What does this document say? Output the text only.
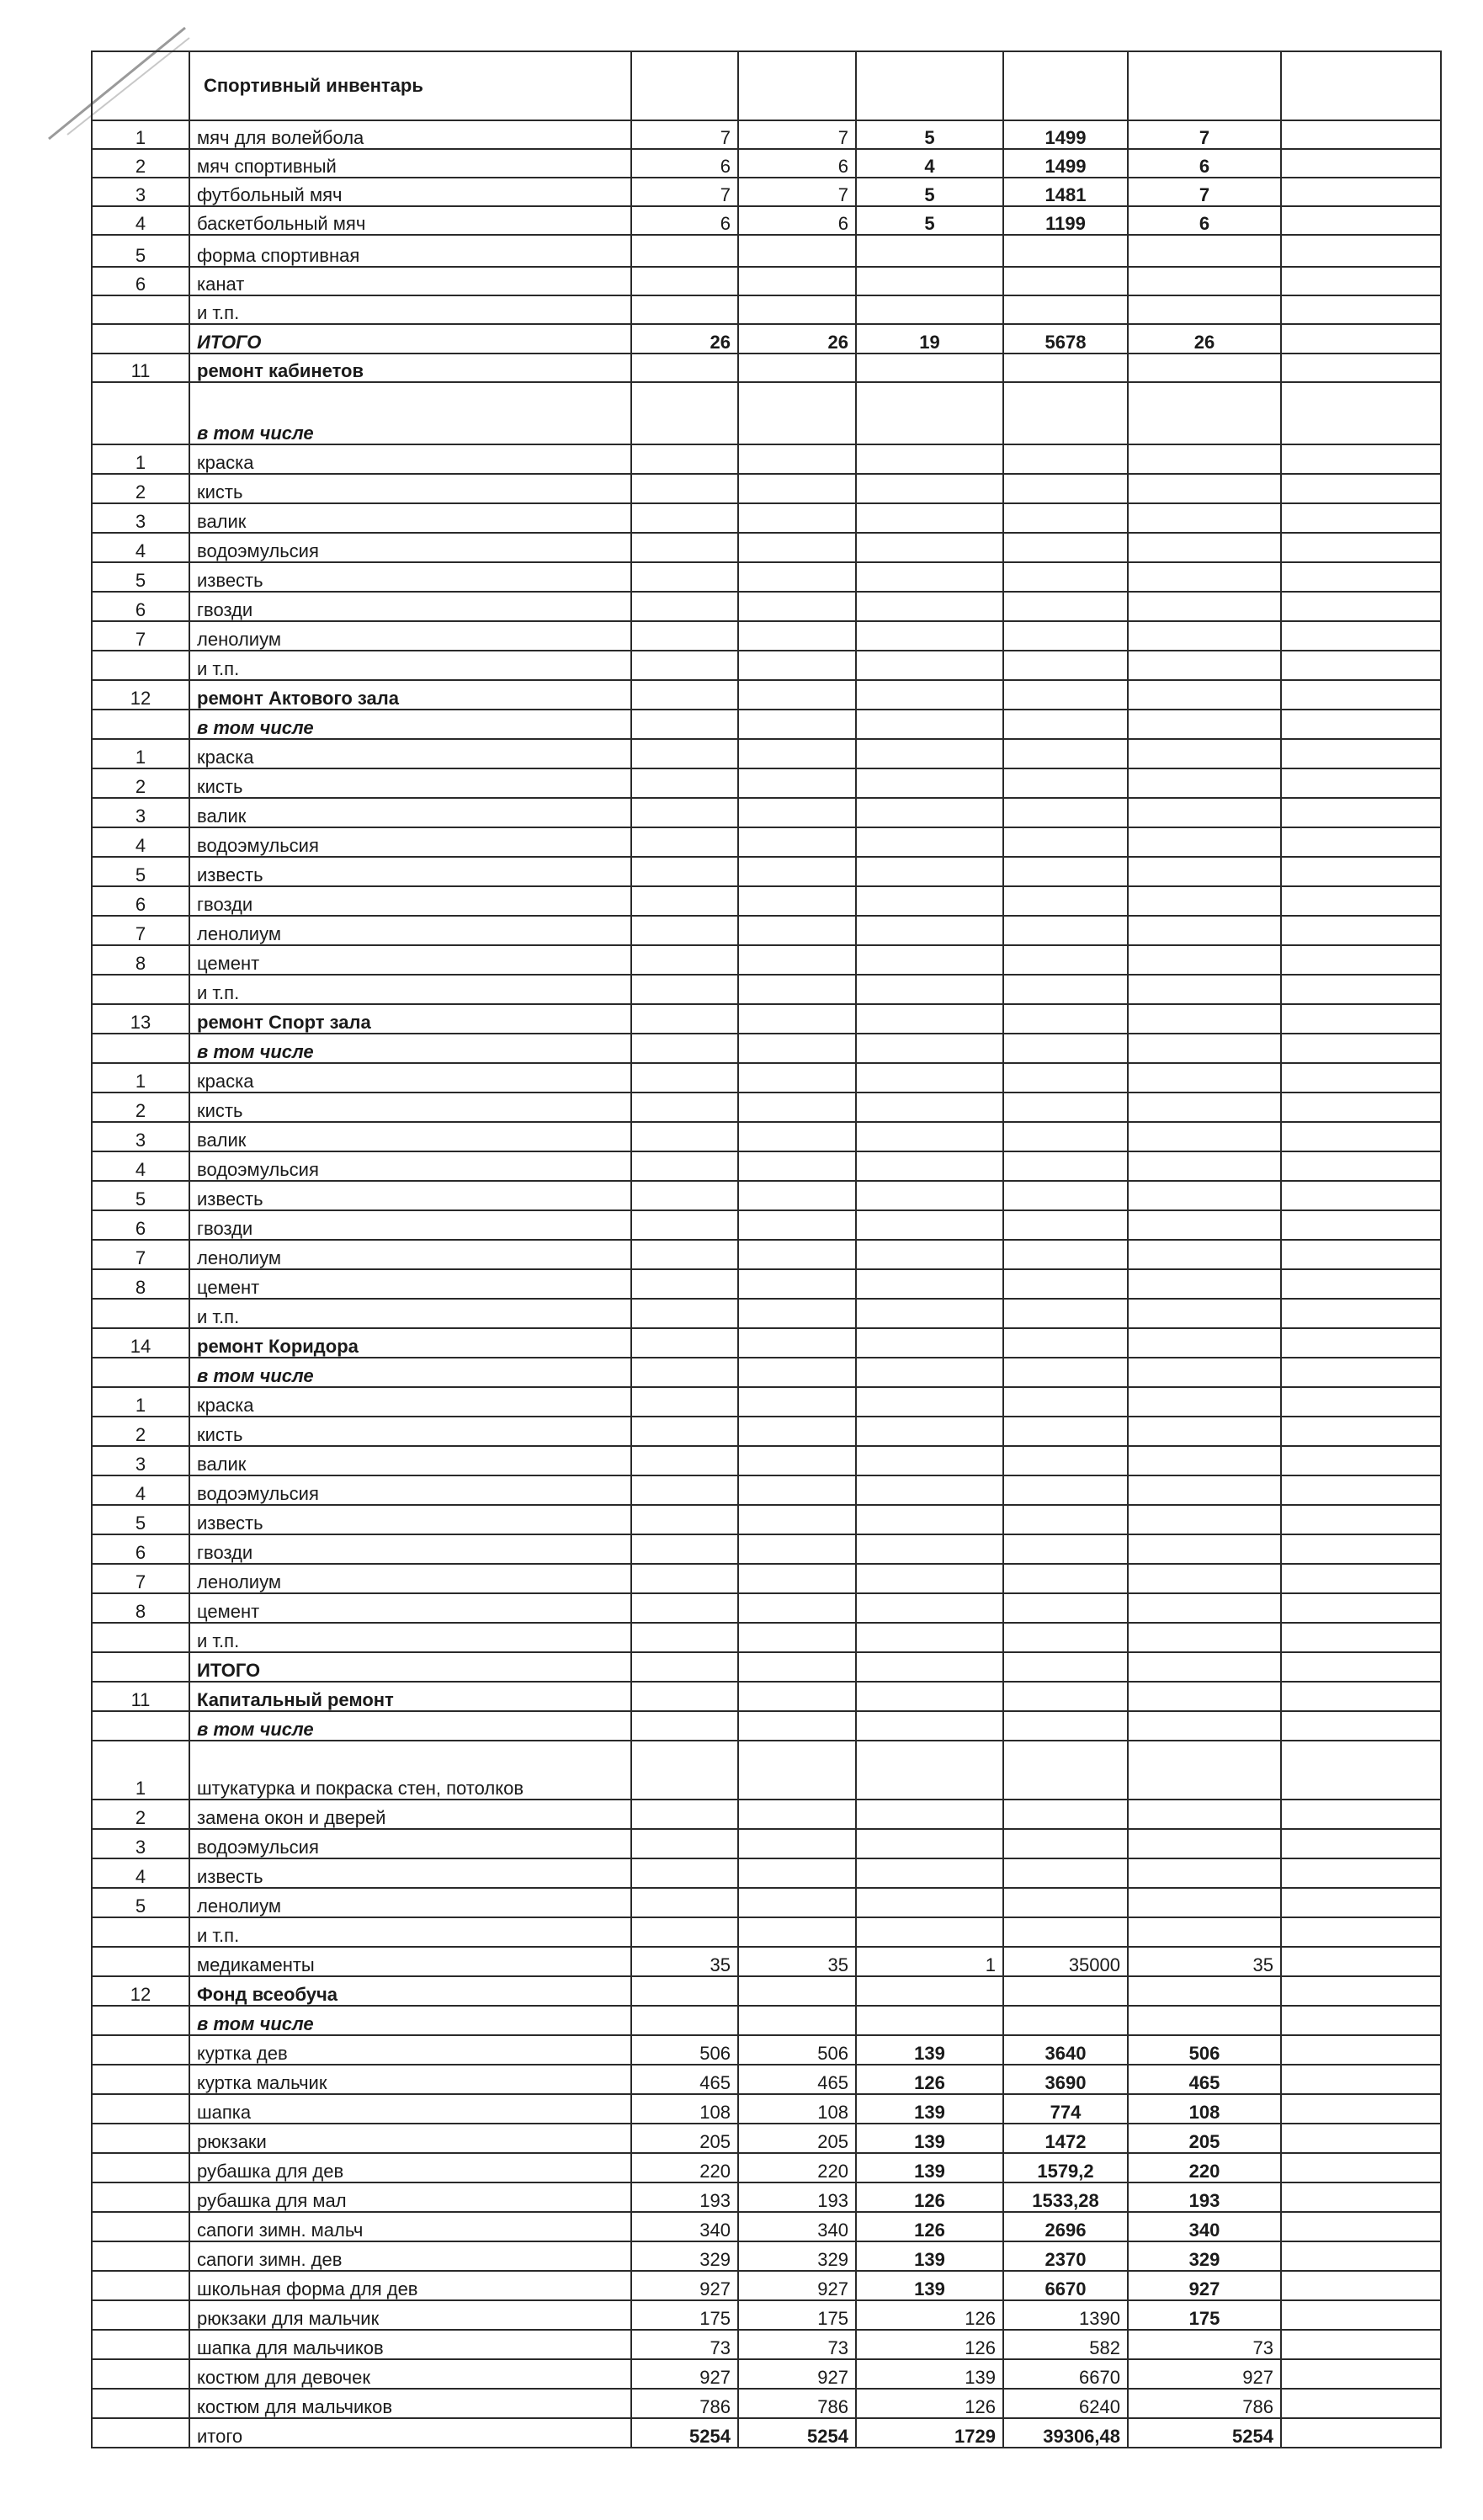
	Спортивный инвентарь						
1	мяч для волейбола	7	7	5	1499	7	
2	мяч спортивный	6	6	4	1499	6	
3	футбольный мяч	7	7	5	1481	7	
4	баскетбольный мяч	6	6	5	1199	6	
5	форма спортивная						
6	канат						
	и т.п.						
	ИТОГО	26	26	19	5678	26	
11	ремонт кабинетов						
	в том числе						
1	краска						
2	кисть						
3	валик						
4	водоэмульсия						
5	известь						
6	гвозди						
7	ленолиум						
	и т.п.						
12	ремонт Актового зала						
	в том числе						
1	краска						
2	кисть						
3	валик						
4	водоэмульсия						
5	известь						
6	гвозди						
7	ленолиум						
8	цемент						
	и т.п.						
13	ремонт Спорт зала						
	в том числе						
1	краска						
2	кисть						
3	валик						
4	водоэмульсия						
5	известь						
6	гвозди						
7	ленолиум						
8	цемент						
	и т.п.						
14	ремонт Коридора						
	в том числе						
1	краска						
2	кисть						
3	валик						
4	водоэмульсия						
5	известь						
6	гвозди						
7	ленолиум						
8	цемент						
	и т.п.						
	ИТОГО						
11	Капитальный ремонт						
	в том числе						
1	штукатурка и покраска стен, потолков						
2	замена окон и дверей						
3	водоэмульсия						
4	известь						
5	ленолиум						
	и т.п.						
	медикаменты	35	35	1	35000	35	
12	Фонд всеобуча						
	в том числе						
	куртка дев	506	506	139	3640	506	
	куртка мальчик	465	465	126	3690	465	
	шапка	108	108	139	774	108	
	рюкзаки	205	205	139	1472	205	
	рубашка для дев	220	220	139	1579,2	220	
	рубашка для мал	193	193	126	1533,28	193	
	сапоги зимн. мальч	340	340	126	2696	340	
	сапоги зимн. дев	329	329	139	2370	329	
	школьная форма для дев	927	927	139	6670	927	
	рюкзаки для мальчик	175	175	126	1390	175	
	шапка для мальчиков	73	73	126	582	73	
	костюм для девочек	927	927	139	6670	927	
	костюм для мальчиков	786	786	126	6240	786	
	итого	5254	5254	1729	39306,48	5254	
